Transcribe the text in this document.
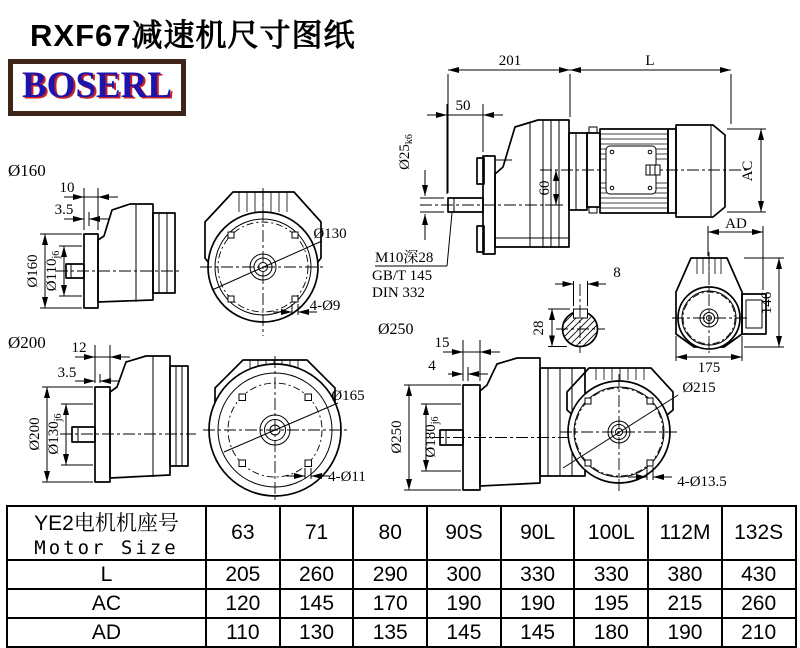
RXF67减速机尺寸图纸
BOSERL
201	L
50
$Ø25_{k6}$
60
AC
M10深28
GB/T 145
DIN 332
8
28
AD
146
175
Ø160
10
3.5
Ø160 $Ø110_{j6}$
Ø130
4-Ø9
Ø200 12
3.5
Ø200 $Ø130_{j6}$
Ø165
4-Ø11
Ø250
15
4
Ø250 $Ø180_{j6}$
Ø215
4-Ø13.5
YE2电机机座号
Motor Size	63	71	80	90S	90L	100L	112M	132S
L	205	260	290	300	330	330	380	430
AC	120	145	170	190	190	195	215	260
AD	110	130	135	145	145	180	190	210
